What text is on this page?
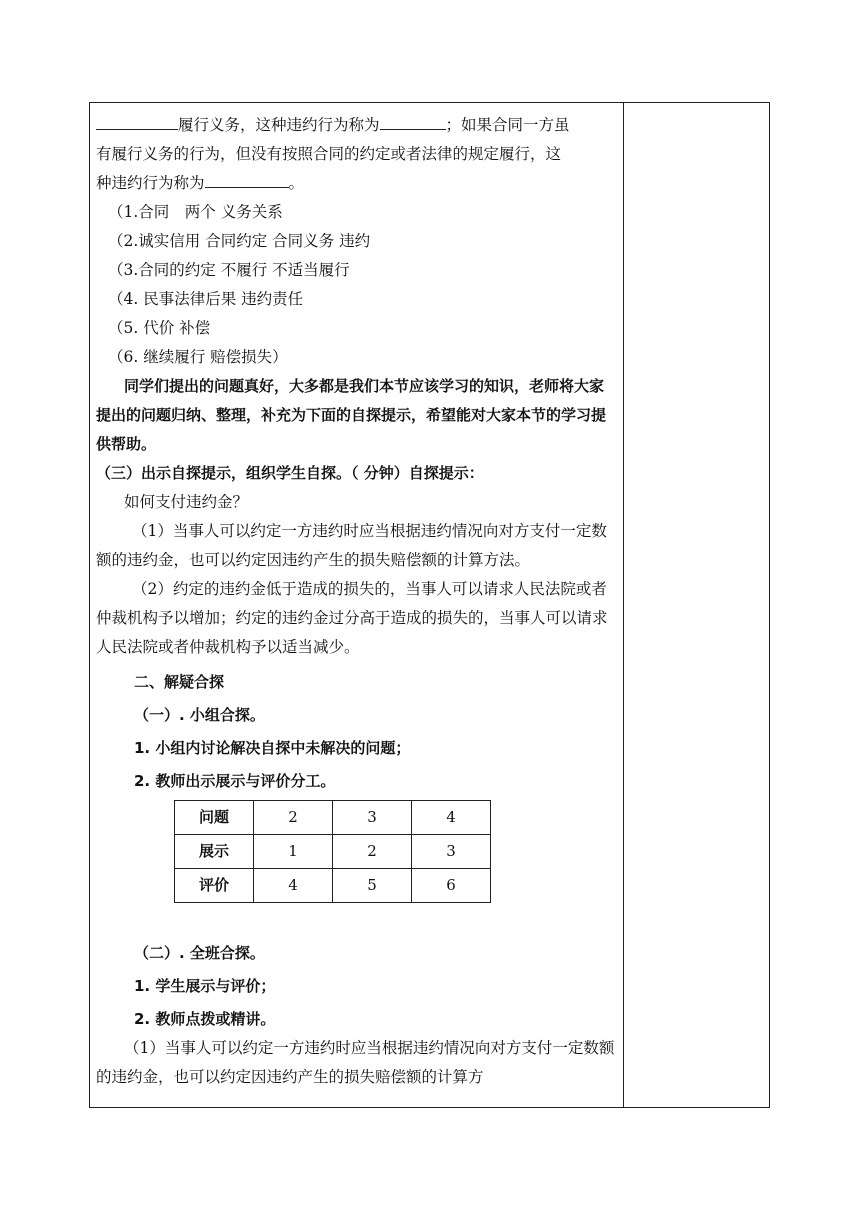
履行义务，这种违约行为称为	；如果合同一方虽

有履行义务的行为，但没有按照合同的约定或者法律的规定履行，这

种违约行为称为	。

（1.合同　两个 义务关系

（2.诚实信用 合同约定 合同义务 违约

（3.合同的约定 不履行 不适当履行

（4. 民事法律后果 违约责任

（5. 代价 补偿

（6. 继续履行 赔偿损失）

同学们提出的问题真好，大多都是我们本节应该学习的知识，老师将大家提出的问题归纳、整理，补充为下面的自探提示，希望能对大家本节的学习提供帮助。

（三）出示自探提示，组织学生自探。（ 分钟）自探提示：

如何支付违约金？

（1）当事人可以约定一方违约时应当根据违约情况向对方支付一定数额的违约金，也可以约定因违约产生的损失赔偿额的计算方法。

（2）约定的违约金低于造成的损失的，当事人可以请求人民法院或者仲裁机构予以增加；约定的违约金过分高于造成的损失的，当事人可以请求人民法院或者仲裁机构予以适当减少。

二、解疑合探

（一）. 小组合探。

1. 小组内讨论解决自探中未解决的问题；

2. 教师出示展示与评价分工。

问题	2	3	4
展示	1	2	3
评价	4	5	6

（二）. 全班合探。

1. 学生展示与评价；

2. 教师点拨或精讲。

（1）当事人可以约定一方违约时应当根据违约情况向对方支付一定数额的违约金，也可以约定因违约产生的损失赔偿额的计算方
